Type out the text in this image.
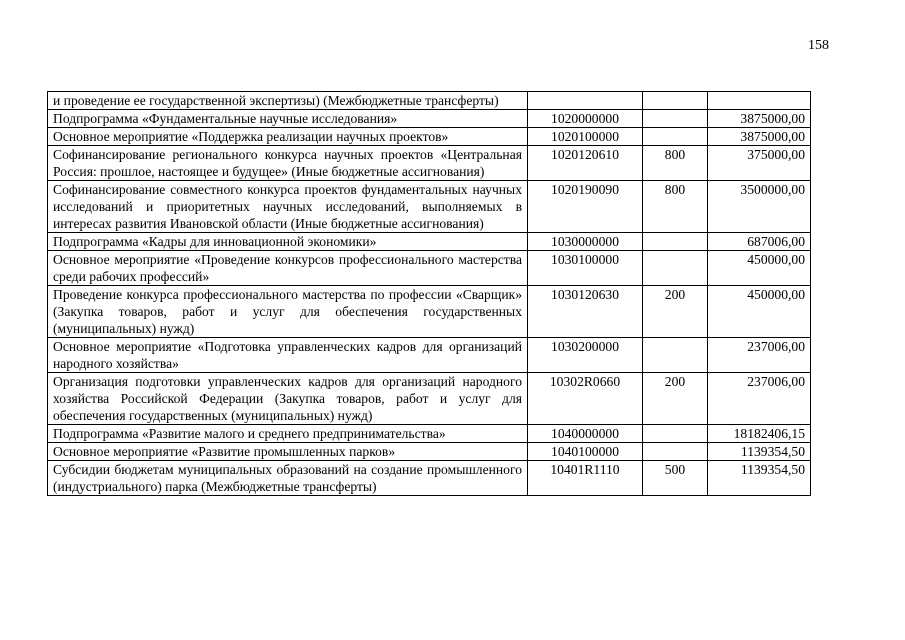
158
и проведение ее государственной экспертизы) (Межбюджетные трансферты)			
Подпрограмма «Фундаментальные научные исследования»	1020000000		3875000,00
Основное мероприятие «Поддержка реализации научных проектов»	1020100000		3875000,00
Софинансирование регионального конкурса научных проектов «Центральная Россия: прошлое, настоящее и будущее» (Иные бюджетные ассигнования)	1020120610	800	375000,00
Софинансирование совместного конкурса проектов фундаментальных научных исследований и приоритетных научных исследований, выполняемых в интересах развития Ивановской области (Иные бюджетные ассигнования)	1020190090	800	3500000,00
Подпрограмма «Кадры для инновационной экономики»	1030000000		687006,00
Основное мероприятие «Проведение конкурсов профессионального мастерства среди рабочих профессий»	1030100000		450000,00
Проведение конкурса профессионального мастерства по профессии «Сварщик» (Закупка товаров, работ и услуг для обеспечения государственных (муниципальных) нужд)	1030120630	200	450000,00
Основное мероприятие «Подготовка управленческих кадров для организаций народного хозяйства»	1030200000		237006,00
Организация подготовки управленческих кадров для организаций народного хозяйства Российской Федерации (Закупка товаров, работ и услуг для обеспечения государственных (муниципальных) нужд)	10302R0660	200	237006,00
Подпрограмма «Развитие малого и среднего предпринимательства»	1040000000		18182406,15
Основное мероприятие «Развитие промышленных парков»	1040100000		1139354,50
Субсидии бюджетам муниципальных образований на создание промышленного (индустриального) парка (Межбюджетные трансферты)	10401R1110	500	1139354,50
